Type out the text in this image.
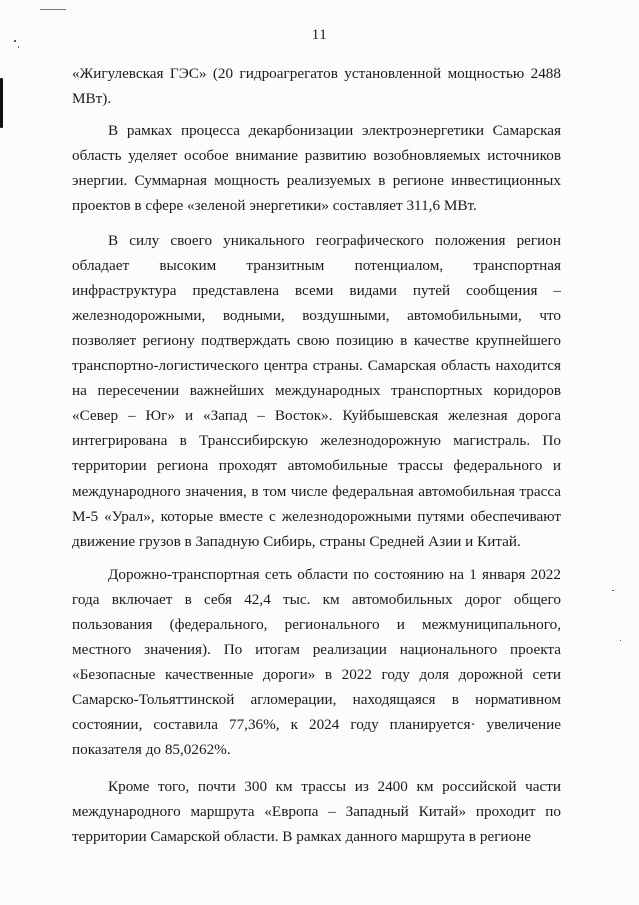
11

«Жигулевская ГЭС» (20 гидроагрегатов установленной мощностью 2488 МВт).

В рамках процесса декарбонизации электроэнергетики Самарская область уделяет особое внимание развитию возобновляемых источников энергии. Суммарная мощность реализуемых в регионе инвестиционных проектов в сфере «зеленой энергетики» составляет 311,6 МВт.

В силу своего уникального географического положения регион обладает высоким транзитным потенциалом, транспортная инфраструктура представлена всеми видами путей сообщения – железнодорожными, водными, воздушными, автомобильными, что позволяет региону подтверждать свою позицию в качестве крупнейшего транспортно-логистического центра страны. Самарская область находится на пересечении важнейших международных транспортных коридоров «Север – Юг» и «Запад – Восток». Куйбышевская железная дорога интегрирована в Транссибирскую железнодорожную магистраль. По территории региона проходят автомобильные трассы федерального и международного значения, в том числе федеральная автомобильная трасса М-5 «Урал», которые вместе с железнодорожными путями обеспечивают движение грузов в Западную Сибирь, страны Средней Азии и Китай.

Дорожно-транспортная сеть области по состоянию на 1 января 2022 года включает в себя 42,4 тыс. км автомобильных дорог общего пользования (федерального, регионального и межмуниципального, местного значения). По итогам реализации национального проекта «Безопасные качественные дороги» в 2022 году доля дорожной сети Самарско-Тольяттинской агломерации, находящаяся в нормативном состоянии, составила 77,36%, к 2024 году планируется· увеличение показателя до 85,0262%.

Кроме того, почти 300 км трассы из 2400 км российской части международного маршрута «Европа – Западный Китай» проходит по территории Самарской области. В рамках данного маршрута в регионе
